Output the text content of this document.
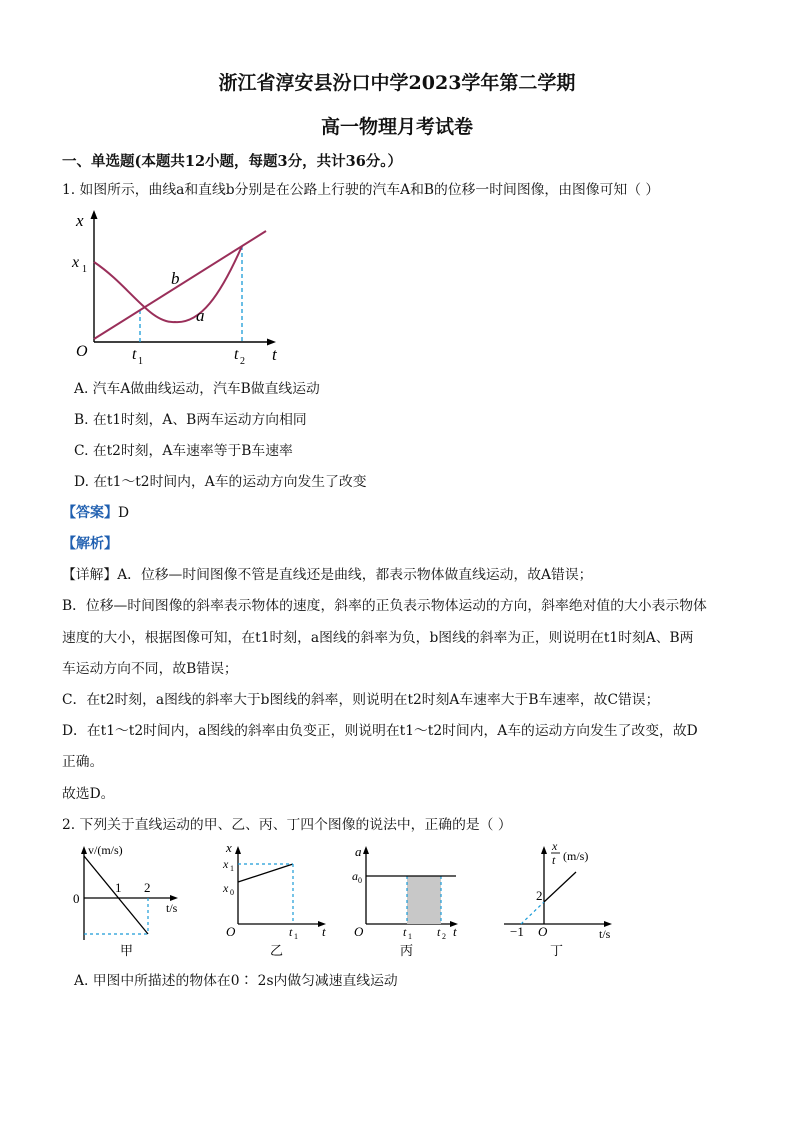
浙江省淳安县汾口中学2023学年第二学期

高一物理月考试卷

一、单选题(本题共12小题，每题3分，共计36分。）

1. 如图所示，曲线a和直线b分别是在公路上行驶的汽车A和B的位移一时间图像，由图像可知（ ）

x
x 1
O	t 1	t 2 t
b
a

A. 汽车A做曲线运动，汽车B做直线运动

B. 在t1时刻，A、B两车运动方向相同

C. 在t2时刻，A车速率等于B车速率

D. 在t1～t2时间内，A车的运动方向发生了改变

【答案】D

【解析】

【详解】A．位移—时间图像不管是直线还是曲线，都表示物体做直线运动，故A错误；

B．位移—时间图像的斜率表示物体的速度，斜率的正负表示物体运动的方向，斜率绝对值的大小表示物体

速度的大小，根据图像可知，在t1时刻，a图线的斜率为负，b图线的斜率为正，则说明在t1时刻A、B两

车运动方向不同，故B错误；

C．在t2时刻，a图线的斜率大于b图线的斜率，则说明在t2时刻A车速率大于B车速率，故C错误；

D．在t1～t2时间内，a图线的斜率由负变正，则说明在t1～t2时间内，A车的运动方向发生了改变，故D

正确。

故选D。

2. 下列关于直线运动的甲、乙、丙、丁四个图像的说法中，正确的是（ ）

v/(m/s)
1 2
0
t/s
甲
x
x 1
x 0
O	t 1 t
乙
a
a 0
O	t 1 t 2 t
丙
x
t (m/s)
2
−1 O	t/s
丁

A. 甲图中所描述的物体在0∶ 2s内做匀减速直线运动
